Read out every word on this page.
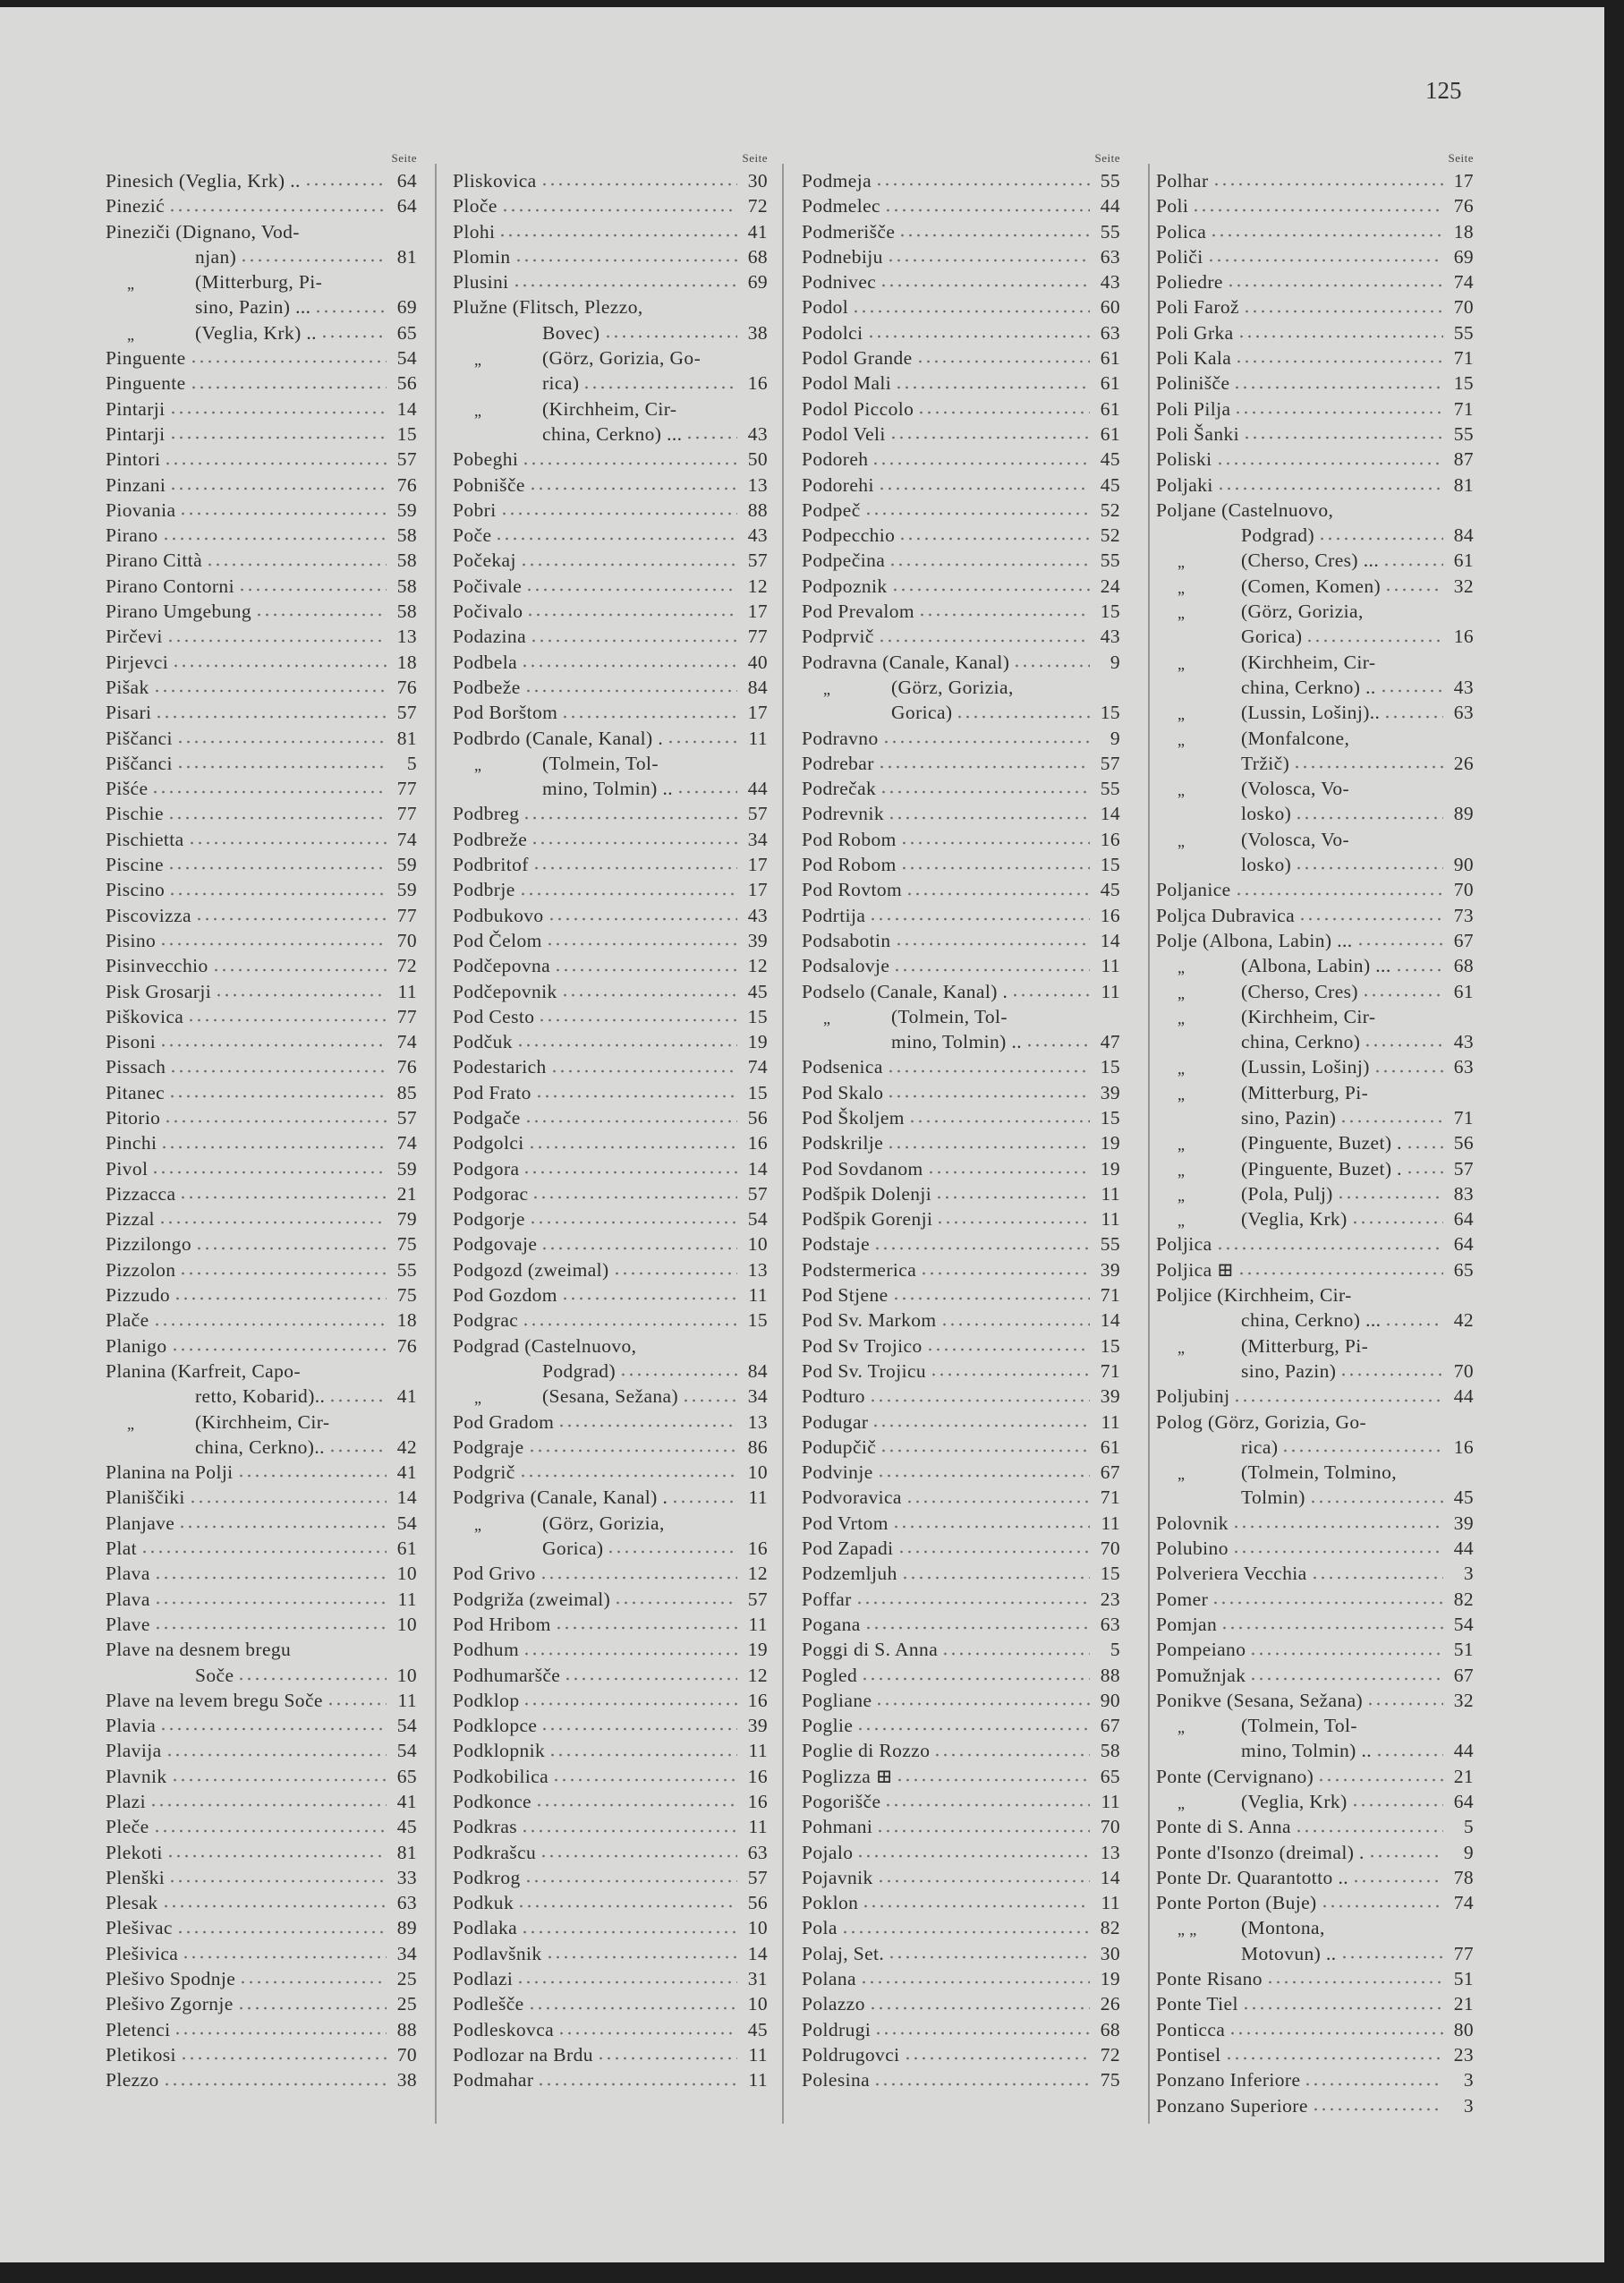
125
Seite
Pinesich (Veglia, Krk) ..	64
Pinezić	64
Pineziči (Dignano, Vod-
njan)	81
„	(Mitterburg, Pi-
sino, Pazin) ...	69
„	(Veglia, Krk) ..	65
Pinguente	54
Pinguente	56
Pintarji	14
Pintarji	15
Pintori	57
Pinzani	76
Piovania	59
Pirano	58
Pirano Città	58
Pirano Contorni	58
Pirano Umgebung	58
Pirčevi	13
Pirjevci	18
Pišak	76
Pisari	57
Piščanci	81
Piščanci	5
Pišće	77
Pischie	77
Pischietta	74
Piscine	59
Piscino	59
Piscovizza	77
Pisino	70
Pisinvecchio	72
Pisk Grosarji	11
Piškovica	77
Pisoni	74
Pissach	76
Pitanec	85
Pitorio	57
Pinchi	74
Pivol	59
Pizzacca	21
Pizzal	79
Pizzilongo	75
Pizzolon	55
Pizzudo	75
Plače	18
Planigo	76
Planina (Karfreit, Capo-
retto, Kobarid)..	41
„	(Kirchheim, Cir-
china, Cerkno)..	42
Planina na Polji	41
Planiščiki	14
Planjave	54
Plat	61
Plava	10
Plava	11
Plave	10
Plave na desnem bregu
Soče	10
Plave na levem bregu Soče	11
Plavia	54
Plavija	54
Plavnik	65
Plazi	41
Pleče	45
Plekoti	81
Plenški	33
Plesak	63
Plešivac	89
Plešivica	34
Plešivo Spodnje	25
Plešivo Zgornje	25
Pletenci	88
Pletikosi	70
Plezzo	38
Seite
Pliskovica	30
Ploče	72
Plohi	41
Plomin	68
Plusini	69
Plužne (Flitsch, Plezzo,
Bovec)	38
„	(Görz, Gorizia, Go-
rica)	16
„	(Kirchheim, Cir-
china, Cerkno) ...	43
Pobeghi	50
Pobnišče	13
Pobri	88
Poče	43
Počekaj	57
Počivale	12
Počivalo	17
Podazina	77
Podbela	40
Podbeže	84
Pod Borštom	17
Podbrdo (Canale, Kanal) .	11
„	(Tolmein, Tol-
mino, Tolmin) ..	44
Podbreg	57
Podbreže	34
Podbritof	17
Podbrje	17
Podbukovo	43
Pod Čelom	39
Podčepovna	12
Podčepovnik	45
Pod Cesto	15
Podčuk	19
Podestarich	74
Pod Frato	15
Podgače	56
Podgolci	16
Podgora	14
Podgorac	57
Podgorje	54
Podgovaje	10
Podgozd (zweimal)	13
Pod Gozdom	11
Podgrac	15
Podgrad (Castelnuovo,
Podgrad)	84
„	(Sesana, Sežana)	34
Pod Gradom	13
Podgraje	86
Podgrič	10
Podgriva (Canale, Kanal) .	11
„	(Görz, Gorizia,
Gorica)	16
Pod Grivo	12
Podgriža (zweimal)	57
Pod Hribom	11
Podhum	19
Podhumaršče	12
Podklop	16
Podklopce	39
Podklopnik	11
Podkobilica	16
Podkonce	16
Podkras	11
Podkrašcu	63
Podkrog	57
Podkuk	56
Podlaka	10
Podlavšnik	14
Podlazi	31
Podlešče	10
Podleskovca	45
Podlozar na Brdu	11
Podmahar	11
Seite
Podmeja	55
Podmelec	44
Podmerišče	55
Podnebiju	63
Podnivec	43
Podol	60
Podolci	63
Podol Grande	61
Podol Mali	61
Podol Piccolo	61
Podol Veli	61
Podoreh	45
Podorehi	45
Podpeč	52
Podpecchio	52
Podpečina	55
Podpoznik	24
Pod Prevalom	15
Podprvič	43
Podravna (Canale, Kanal)	9
„	(Görz, Gorizia,
Gorica)	15
Podravno	9
Podrebar	57
Podrečak	55
Podrevnik	14
Pod Robom	16
Pod Robom	15
Pod Rovtom	45
Podrtija	16
Podsabotin	14
Podsalovje	11
Podselo (Canale, Kanal) .	11
„	(Tolmein, Tol-
mino, Tolmin) ..	47
Podsenica	15
Pod Skalo	39
Pod Školjem	15
Podskrilje	19
Pod Sovdanom	19
Podšpik Dolenji	11
Podšpik Gorenji	11
Podstaje	55
Podstermerica	39
Pod Stjene	71
Pod Sv. Markom	14
Pod Sv Trojico	15
Pod Sv. Trojicu	71
Podturo	39
Podugar	11
Podupčič	61
Podvinje	67
Podvoravica	71
Pod Vrtom	11
Pod Zapadi	70
Podzemljuh	15
Poffar	23
Pogana	63
Poggi di S. Anna	5
Pogled	88
Pogliane	90
Poglie	67
Poglie di Rozzo	58
Poglizza ⊞	65
Pogorišče	11
Pohmani	70
Pojalo	13
Pojavnik	14
Poklon	11
Pola	82
Polaj, Set.	30
Polana	19
Polazzo	26
Poldrugi	68
Poldrugovci	72
Polesina	75
Seite
Polhar	17
Poli	76
Polica	18
Poliči	69
Poliedre	74
Poli Farož	70
Poli Grka	55
Poli Kala	71
Polinišče	15
Poli Pilja	71
Poli Šanki	55
Poliski	87
Poljaki	81
Poljane (Castelnuovo,
Podgrad)	84
„	(Cherso, Cres) ...	61
„	(Comen, Komen)	32
„	(Görz, Gorizia,
Gorica)	16
„	(Kirchheim, Cir-
china, Cerkno) ..	43
„	(Lussin, Lošinj)..	63
„	(Monfalcone,
Tržič)	26
„	(Volosca, Vo-
losko)	89
„	(Volosca, Vo-
losko)	90
Poljanice	70
Poljca Dubravica	73
Polje (Albona, Labin) ...	67
„	(Albona, Labin) ...	68
„	(Cherso, Cres)	61
„	(Kirchheim, Cir-
china, Cerkno)	43
„	(Lussin, Lošinj)	63
„	(Mitterburg, Pi-
sino, Pazin)	71
„	(Pinguente, Buzet) .	56
„	(Pinguente, Buzet) .	57
„	(Pola, Pulj)	83
„	(Veglia, Krk)	64
Poljica	64
Poljica ⊞	65
Poljice (Kirchheim, Cir-
china, Cerkno) ...	42
„	(Mitterburg, Pi-
sino, Pazin)	70
Poljubinj	44
Polog (Görz, Gorizia, Go-
rica)	16
„	(Tolmein, Tolmino,
Tolmin)	45
Polovnik	39
Polubino	44
Polveriera Vecchia	3
Pomer	82
Pomjan	54
Pompeiano	51
Pomužnjak	67
Ponikve (Sesana, Sežana)	32
„	(Tolmein, Tol-
mino, Tolmin) ..	44
Ponte (Cervignano)	21
„	(Veglia, Krk)	64
Ponte di S. Anna	5
Ponte d'Isonzo (dreimal) .	9
Ponte Dr. Quarantotto ..	78
Ponte Porton (Buje)	74
„ „ (Montona,
Motovun) ..	77
Ponte Risano	51
Ponte Tiel	21
Ponticca	80
Pontisel	23
Ponzano Inferiore	3
Ponzano Superiore	3
